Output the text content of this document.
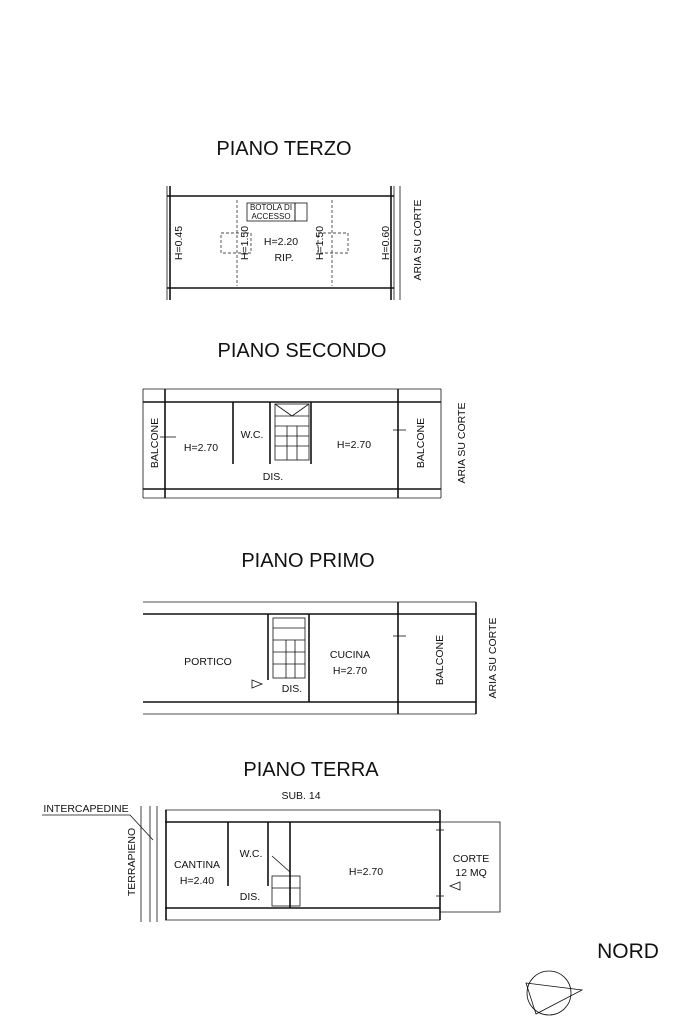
PIANO TERZO
BOTOLA DI
ACCESSO
H=0.45	H=1.50 H=2.20
RIP. H=1.50	H=0.60 ARIA SU CORTE
PIANO SECONDO
BALCONE H=2.70
W.C.
DIS.
H=2.70	BALCONE	ARIA SU CORTE
PIANO PRIMO
PORTICO
DIS.
CUCINA
H=2.70	BALCONE	ARIA SU CORTE
PIANO TERRA
SUB. 14
INTERCAPEDINE
TERRAPIENO	CANTINA
H=2.40
W.C.
DIS.
H=2.70
CORTE
12 MQ
NORD
